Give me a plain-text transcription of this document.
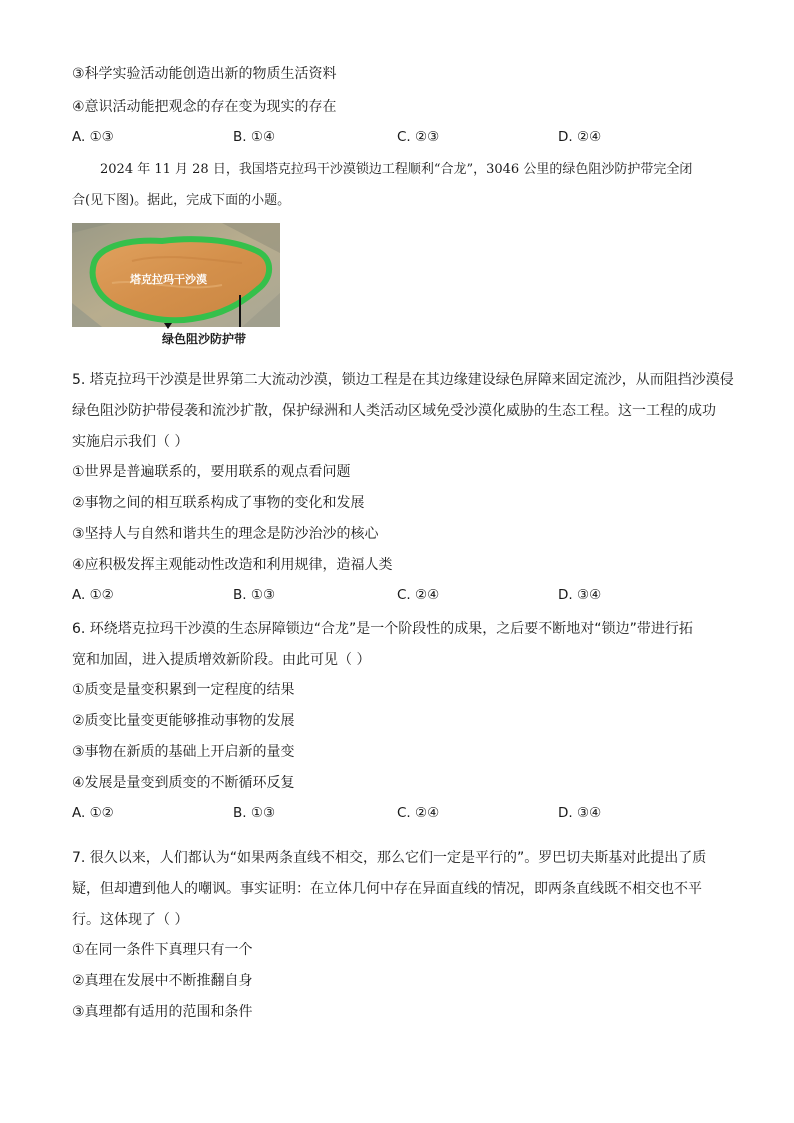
③科学实验活动能创造出新的物质生活资料
④意识活动能把观念的存在变为现实的存在
A. ①③	B. ①④	C. ②③	D. ②④
2024 年 11 月 28 日，我国塔克拉玛干沙漠锁边工程顺利“合龙”，3046 公里的绿色阻沙防护带完全闭
合(见下图)。据此，完成下面的小题。
塔克拉玛干沙漠
绿色阻沙防护带
5. 塔克拉玛干沙漠是世界第二大流动沙漠，锁边工程是在其边缘建设绿色屏障来固定流沙，从而阻挡沙漠侵
绿色阻沙防护带侵袭和流沙扩散，保护绿洲和人类活动区域免受沙漠化威胁的生态工程。这一工程的成功
实施启示我们（ ）
①世界是普遍联系的，要用联系的观点看问题
②事物之间的相互联系构成了事物的变化和发展
③坚持人与自然和谐共生的理念是防沙治沙的核心
④应积极发挥主观能动性改造和利用规律，造福人类
A. ①②	B. ①③	C. ②④	D. ③④
6. 环绕塔克拉玛干沙漠的生态屏障锁边“合龙”是一个阶段性的成果，之后要不断地对“锁边”带进行拓
宽和加固，进入提质增效新阶段。由此可见（ ）
①质变是量变积累到一定程度的结果
②质变比量变更能够推动事物的发展
③事物在新质的基础上开启新的量变
④发展是量变到质变的不断循环反复
A. ①②	B. ①③	C. ②④	D. ③④
7. 很久以来，人们都认为“如果两条直线不相交，那么它们一定是平行的”。罗巴切夫斯基对此提出了质
疑，但却遭到他人的嘲讽。事实证明：在立体几何中存在异面直线的情况，即两条直线既不相交也不平
行。这体现了（ ）
①在同一条件下真理只有一个
②真理在发展中不断推翻自身
③真理都有适用的范围和条件
